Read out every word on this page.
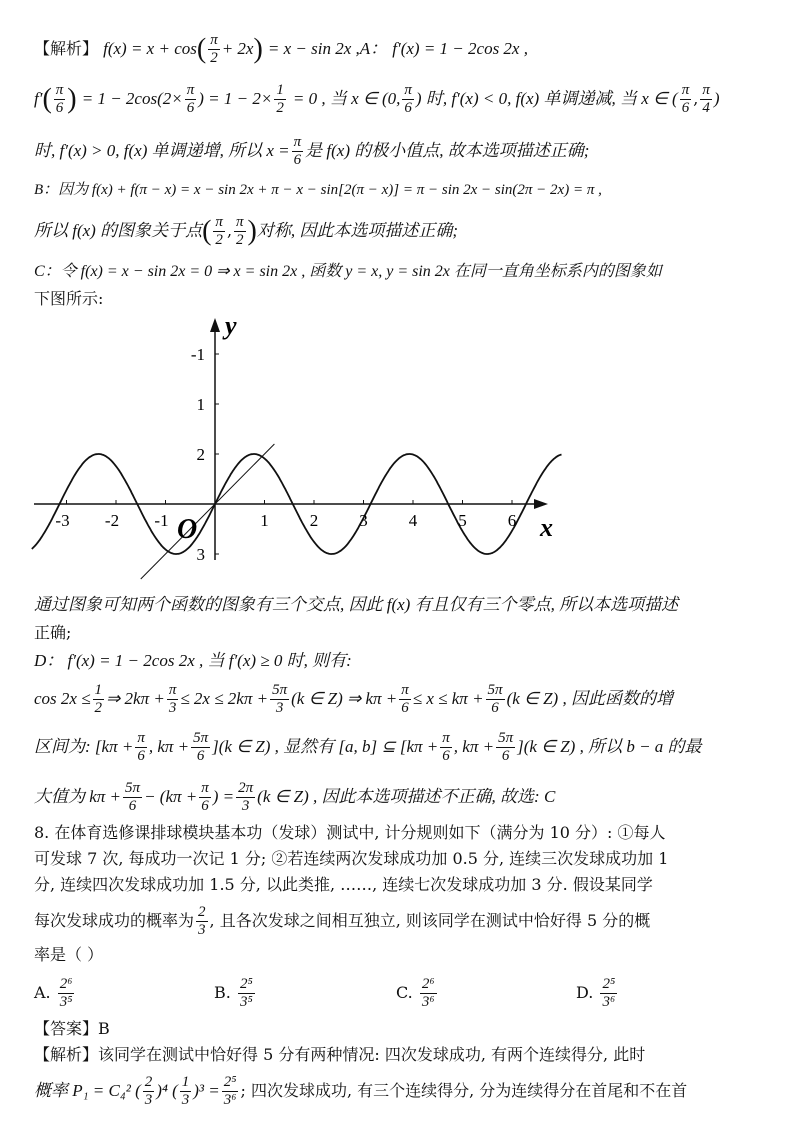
【解析】 $f(x) = x + \cos( \frac{\pi}{2} + 2x) = x - \sin 2x$ ,A： f′(x) = 1 − 2cos 2x ,
$f'( \frac{\pi}{6}$ ) = $1 - 2\cos(2\times \frac{\pi}{6}$ ) = $1 - 2\times \frac{1}{2} = 0$ , 当 x ∈ (0, $\frac{\pi}{6}$ ) 时, f′(x) < 0, f(x) 单调递减, 当 x ∈ ( $\frac{\pi}{6}$ , $\frac{\pi}{4}$ )
时, f′(x) > 0, f(x) 单调递增, 所以 $x = \frac{\pi}{6}$ 是 f(x) 的极小值点, 故本选项描述正确;
B：因为 f(x) + f(π − x) = x − sin 2x + π − x − sin[2(π − x)] = π − sin 2x − sin(2π − 2x) = π ,
所以 f(x) 的图象关于点( $\frac{\pi}{2}$ , $\frac{\pi}{2}$ )对称, 因此本选项描述正确;
C：令 f(x) = x − sin 2x = 0 ⇒ x = sin 2x , 函数 y = x, y = sin 2x 在同一直角坐标系内的图象如
下图所示:
-3 -2 -1	1 2 3 4 5 6
3
2
1
-1
x
y
O
通过图象可知两个函数的图象有三个交点, 因此 f(x) 有且仅有三个零点, 所以本选项描述
正确;
D： f′(x) = 1 − 2cos 2x , 当 f′(x) ≥ 0 时, 则有:
$\cos 2x \le \frac{1}{2}$ ⇒ $2k\pi + \frac{\pi}{3} \le 2x \le 2k\pi + \frac{5\pi}{3} (k$ ∈ Z) ⇒ $k\pi + \frac{\pi}{6} \le x \le k\pi + \frac{5\pi}{6} (k$ ∈ Z) , 因此函数的增
区间为: [$k\pi + \frac{\pi}{6}$ , $k\pi + \frac{5\pi}{6} ](k$ ∈ Z) , 显然有 [a, b] ⊆ [$k\pi + \frac{\pi}{6}$ , $k\pi + \frac{5\pi}{6} ](k$ ∈ Z) , 所以 b − a 的最
大值为 $k\pi + \frac{5\pi}{6} - (k\pi + \frac{\pi}{6}$ ) = $\frac{2\pi}{3} (k$ ∈ Z) , 因此本选项描述不正确, 故选: C
8. 在体育选修课排球模块基本功（发球）测试中, 计分规则如下（满分为 10 分）: ①每人
可发球 7 次, 每成功一次记 1 分; ②若连续两次发球成功加 0.5 分, 连续三次发球成功加 1
分, 连续四次发球成功加 1.5 分, 以此类推, ……, 连续七次发球成功加 3 分. 假设某同学
每次发球成功的概率为 $\frac{2}{3}$ , 且各次发球之间相互独立, 则该同学在测试中恰好得 5 分的概
率是（ ）
A. $\frac{\text{2⁶}}{\text{3⁵}}$	B. $\frac{\text{2⁵}}{\text{3⁵}}$	C. $\frac{\text{2⁶}}{\text{3⁶}}$	D. $\frac{\text{2⁵}}{\text{3⁶}}$
【答案】B
【解析】该同学在测试中恰好得 5 分有两种情况: 四次发球成功, 有两个连续得分, 此时
概率 P₁ = C₄² ( $\frac{2}{3} )^4$ ( $\frac{1}{3} )^3 = \frac{\text{2⁵}}{\text{3⁶}}$ ; 四次发球成功, 有三个连续得分, 分为连续得分在首尾和不在首
